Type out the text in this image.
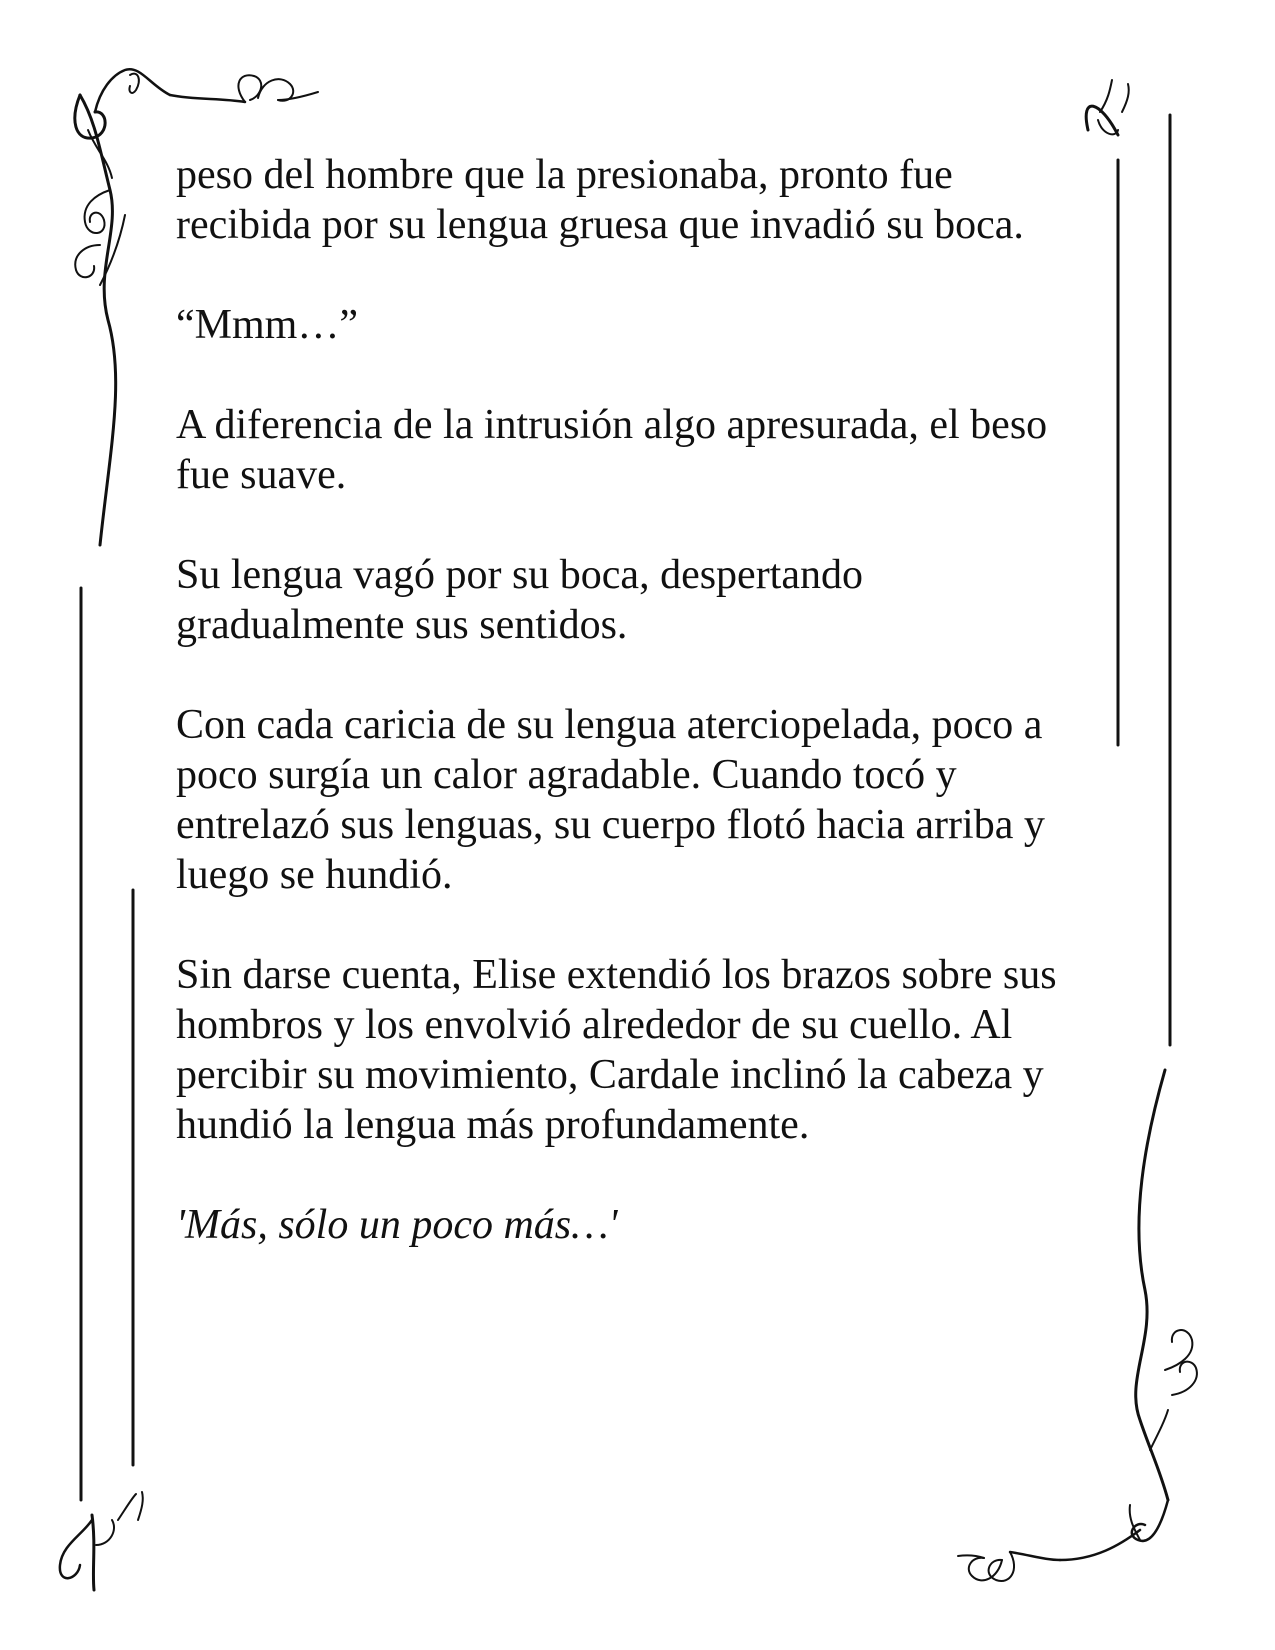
peso del hombre que la presionaba, pronto fue recibida por su lengua gruesa que invadió su boca.

“Mmm…”

A diferencia de la intrusión algo apresurada, el beso fue suave.

Su lengua vagó por su boca, despertando gradualmente sus sentidos.

Con cada caricia de su lengua aterciopelada, poco a poco surgía un calor agradable. Cuando tocó y entrelazó sus lenguas, su cuerpo flotó hacia arriba y luego se hundió.

Sin darse cuenta, Elise extendió los brazos sobre sus hombros y los envolvió alrededor de su cuello. Al percibir su movimiento, Cardale inclinó la cabeza y hundió la lengua más profundamente.

'Más, sólo un poco más…'
